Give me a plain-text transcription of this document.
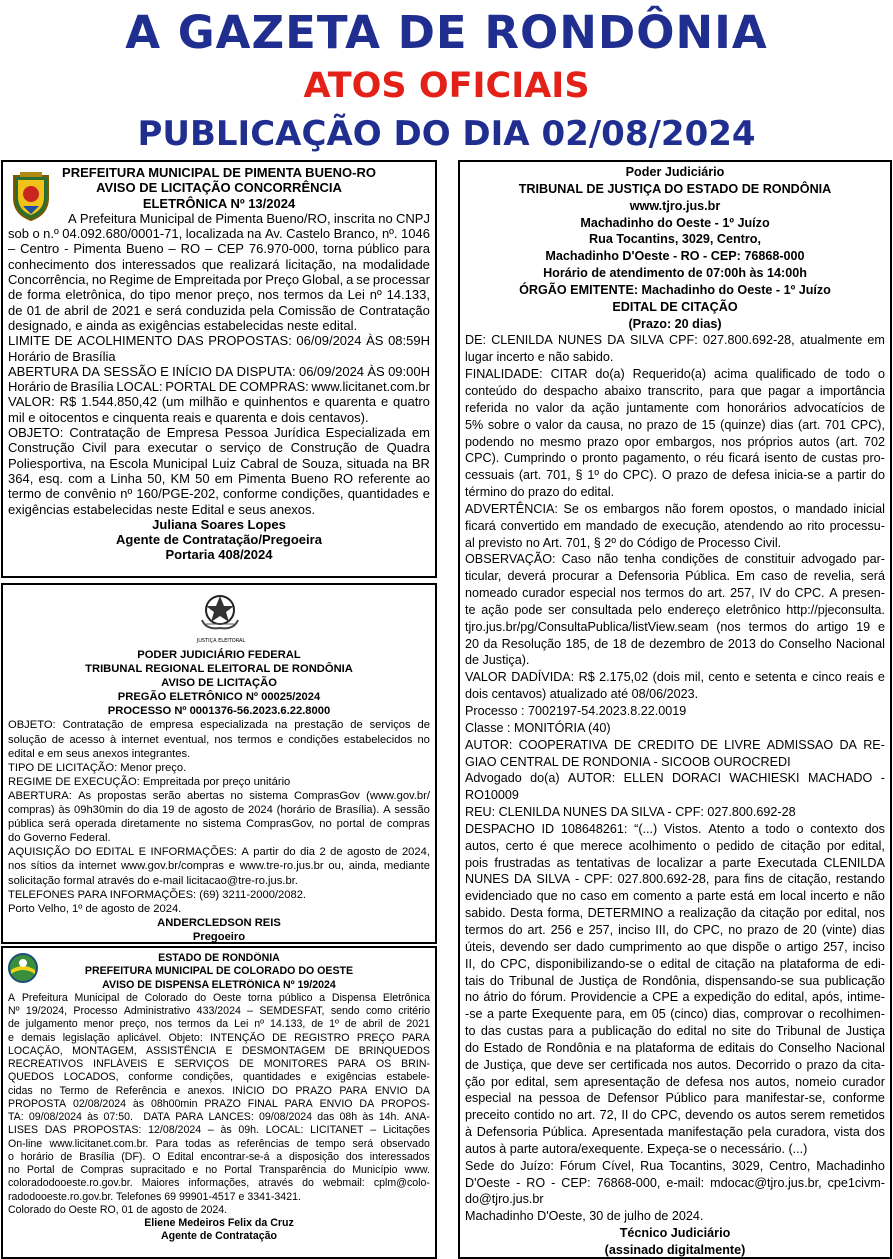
A GAZETA DE RONDÔNIA
ATOS OFICIAIS
PUBLICAÇÃO DO DIA 02/08/2024
PREFEITURA MUNICIPAL DE PIMENTA BUENO-RO
AVISO DE LICITAÇÃO CONCORRÊNCIA
ELETRÔNICA Nº 13/2024
A Prefeitura Municipal de Pimenta Bueno/RO, inscrita no CNPJ
sob o n.º 04.092.680/0001-71, localizada na Av. Castelo Branco, nº. 1046
– Centro - Pimenta Bueno – RO – CEP 76.970-000, torna público para
conhecimento dos interessados que realizará licitação, na modalidade
Concorrência, no Regime de Empreitada por Preço Global, a se processar
de forma eletrônica, do tipo menor preço, nos termos da Lei nº 14.133,
de 01 de abril de 2021 e será conduzida pela Comissão de Contratação
designado, e ainda as exigências estabelecidas neste edital.
LIMITE DE ACOLHIMENTO DAS PROPOSTAS: 06/09/2024 ÀS 08:59H
Horário de Brasília
ABERTURA DA SESSÃO E INÍCIO DA DISPUTA: 06/09/2024 ÀS 09:00H
Horário de Brasília LOCAL: PORTAL DE COMPRAS: www.licitanet.com.br
VALOR: R$ 1.544.850,42 (um milhão e quinhentos e quarenta e quatro
mil e oitocentos e cinquenta reais e quarenta e dois centavos).
OBJETO: Contratação de Empresa Pessoa Jurídica Especializada em
Construção Civil para executar o serviço de Construção de Quadra
Poliesportiva, na Escola Municipal Luiz Cabral de Souza, situada na BR
364, esq. com a Linha 50, KM 50 em Pimenta Bueno RO referente ao
termo de convênio nº 160/PGE-202, conforme condições, quantidades e
exigências estabelecidas neste Edital e seus anexos.
Juliana Soares Lopes
Agente de Contratação/Pregoeira
Portaria 408/2024
JUSTIÇA ELEITORAL
PODER JUDICIÁRIO FEDERAL
TRIBUNAL REGIONAL ELEITORAL DE RONDÔNIA
AVISO DE LICITAÇÃO
PREGÃO ELETRÔNICO Nº 00025/2024
PROCESSO Nº 0001376-56.2023.6.22.8000
OBJETO: Contratação de empresa especializada na prestação de serviços de
solução de acesso à internet eventual, nos termos e condições estabelecidos no
edital e em seus anexos integrantes.
TIPO DE LICITAÇÃO: Menor preço.
REGIME DE EXECUÇÃO: Empreitada por preço unitário
ABERTURA: As propostas serão abertas no sistema ComprasGov (www.gov.br/
compras) às 09h30min do dia 19 de agosto de 2024 (horário de Brasília). A sessão
pública será operada diretamente no sistema ComprasGov, no portal de compras
do Governo Federal.
AQUISIÇÃO DO EDITAL E INFORMAÇÕES: A partir do dia 2 de agosto de 2024,
nos sítios da internet www.gov.br/compras e www.tre-ro.jus.br ou, ainda, mediante
solicitação formal através do e-mail licitacao@tre-ro.jus.br.
TELEFONES PARA INFORMAÇÕES: (69) 3211-2000/2082.
Porto Velho, 1º de agosto de 2024.
ANDERCLEDSON REIS
Pregoeiro
ESTADO DE RONDÔNIA
PREFEITURA MUNICIPAL DE COLORADO DO OESTE
AVISO DE DISPENSA ELETRÔNICA Nº 19/2024
A Prefeitura Municipal de Colorado do Oeste torna público a Dispensa Eletrônica
Nº 19/2024, Processo Administrativo 433/2024 – SEMDESFAT, sendo como critério
de julgamento menor preço, nos termos da Lei nº 14.133, de 1º de abril de 2021
e demais legislação aplicável. Objeto: INTENÇÃO DE REGISTRO PREÇO PARA
LOCAÇÃO, MONTAGEM, ASSISTÊNCIA E DESMONTAGEM DE BRINQUEDOS
RECREATIVOS INFLÁVEIS E SERVIÇOS DE MONITORES PARA OS BRIN-
QUEDOS LOCADOS, conforme condições, quantidades e exigências estabele-
cidas no Termo de Referência e anexos. INÍCIO DO PRAZO PARA ENVIO DA
PROPOSTA 02/08/2024 às 08h00min PRAZO FINAL PARA ENVIO DA PROPOS-
TA: 09/08/2024 às 07:50. DATA PARA LANCES: 09/08/2024 das 08h às 14h. ANA-
LISES DAS PROPOSTAS: 12/08/2024 – às 09h. LOCAL: LICITANET – Licitações
On-line www.licitanet.com.br. Para todas as referências de tempo será observado
o horário de Brasília (DF). O Edital encontrar-se-á a disposição dos interessados
no Portal de Compras supracitado e no Portal Transparência do Município www.
coloradodooeste.ro.gov.br. Maiores informações, através do webmail: cplm@colo-
radodooeste.ro.gov.br. Telefones 69 99901-4517 e 3341-3421.
Colorado do Oeste RO, 01 de agosto de 2024.
Eliene Medeiros Felix da Cruz
Agente de Contratação
Poder Judiciário
TRIBUNAL DE JUSTIÇA DO ESTADO DE RONDÔNIA
www.tjro.jus.br
Machadinho do Oeste - 1º Juízo
Rua Tocantins, 3029, Centro,
Machadinho D'Oeste - RO - CEP: 76868-000
Horário de atendimento de 07:00h às 14:00h
ÓRGÃO EMITENTE: Machadinho do Oeste - 1º Juízo
EDITAL DE CITAÇÃO
(Prazo: 20 dias)
DE: CLENILDA NUNES DA SILVA CPF: 027.800.692-28, atualmente em
lugar incerto e não sabido.
FINALIDADE: CITAR do(a) Requerido(a) acima qualificado de todo o
conteúdo do despacho abaixo transcrito, para que pagar a importância
referida no valor da ação juntamente com honorários advocatícios de
5% sobre o valor da causa, no prazo de 15 (quinze) dias (art. 701 CPC),
podendo no mesmo prazo opor embargos, nos próprios autos (art. 702
CPC). Cumprindo o pronto pagamento, o réu ficará isento de custas pro-
cessuais (art. 701, § 1º do CPC). O prazo de defesa inicia-se a partir do
término do prazo do edital.
ADVERTÊNCIA: Se os embargos não forem opostos, o mandado inicial
ficará convertido em mandado de execução, atendendo ao rito processu-
al previsto no Art. 701, § 2º do Código de Processo Civil.
OBSERVAÇÃO: Caso não tenha condições de constituir advogado par-
ticular, deverá procurar a Defensoria Pública. Em caso de revelia, será
nomeado curador especial nos termos do art. 257, IV do CPC. A presen-
te ação pode ser consultada pelo endereço eletrônico http://pjeconsulta.
tjro.jus.br/pg/ConsultaPublica/listView.seam (nos termos do artigo 19 e
20 da Resolução 185, de 18 de dezembro de 2013 do Conselho Nacional
de Justiça).
VALOR DADÍVIDA: R$ 2.175,02 (dois mil, cento e setenta e cinco reais e
dois centavos) atualizado até 08/06/2023.
Processo : 7002197-54.2023.8.22.0019
Classe : MONITÓRIA (40)
AUTOR: COOPERATIVA DE CREDITO DE LIVRE ADMISSAO DA RE-
GIAO CENTRAL DE RONDONIA - SICOOB OUROCREDI
Advogado do(a) AUTOR: ELLEN DORACI WACHIESKI MACHADO -
RO10009
REU: CLENILDA NUNES DA SILVA - CPF: 027.800.692-28
DESPACHO ID 108648261: “(...) Vistos. Atento a todo o contexto dos
autos, certo é que merece acolhimento o pedido de citação por edital,
pois frustradas as tentativas de localizar a parte Executada CLENILDA
NUNES DA SILVA - CPF: 027.800.692-28, para fins de citação, restando
evidenciado que no caso em comento a parte está em local incerto e não
sabido. Desta forma, DETERMINO a realização da citação por edital, nos
termos do art. 256 e 257, inciso III, do CPC, no prazo de 20 (vinte) dias
úteis, devendo ser dado cumprimento ao que dispõe o artigo 257, inciso
II, do CPC, disponibilizando-se o edital de citação na plataforma de edi-
tais do Tribunal de Justiça de Rondônia, dispensando-se sua publicação
no átrio do fórum. Providencie a CPE a expedição do edital, após, intime-
-se a parte Exequente para, em 05 (cinco) dias, comprovar o recolhimen-
to das custas para a publicação do edital no site do Tribunal de Justiça
do Estado de Rondônia e na plataforma de editais do Conselho Nacional
de Justiça, que deve ser certificada nos autos. Decorrido o prazo da cita-
ção por edital, sem apresentação de defesa nos autos, nomeio curador
especial na pessoa de Defensor Público para manifestar-se, conforme
preceito contido no art. 72, II do CPC, devendo os autos serem remetidos
à Defensoria Pública. Apresentada manifestação pela curadora, vista dos
autos à parte autora/exequente. Expeça-se o necessário. (...)
Sede do Juízo: Fórum Cível, Rua Tocantins, 3029, Centro, Machadinho
D'Oeste - RO - CEP: 76868-000, e-mail: mdocac@tjro.jus.br, cpe1civm-
do@tjro.jus.br
Machadinho D'Oeste, 30 de julho de 2024.
Técnico Judiciário
(assinado digitalmente)
